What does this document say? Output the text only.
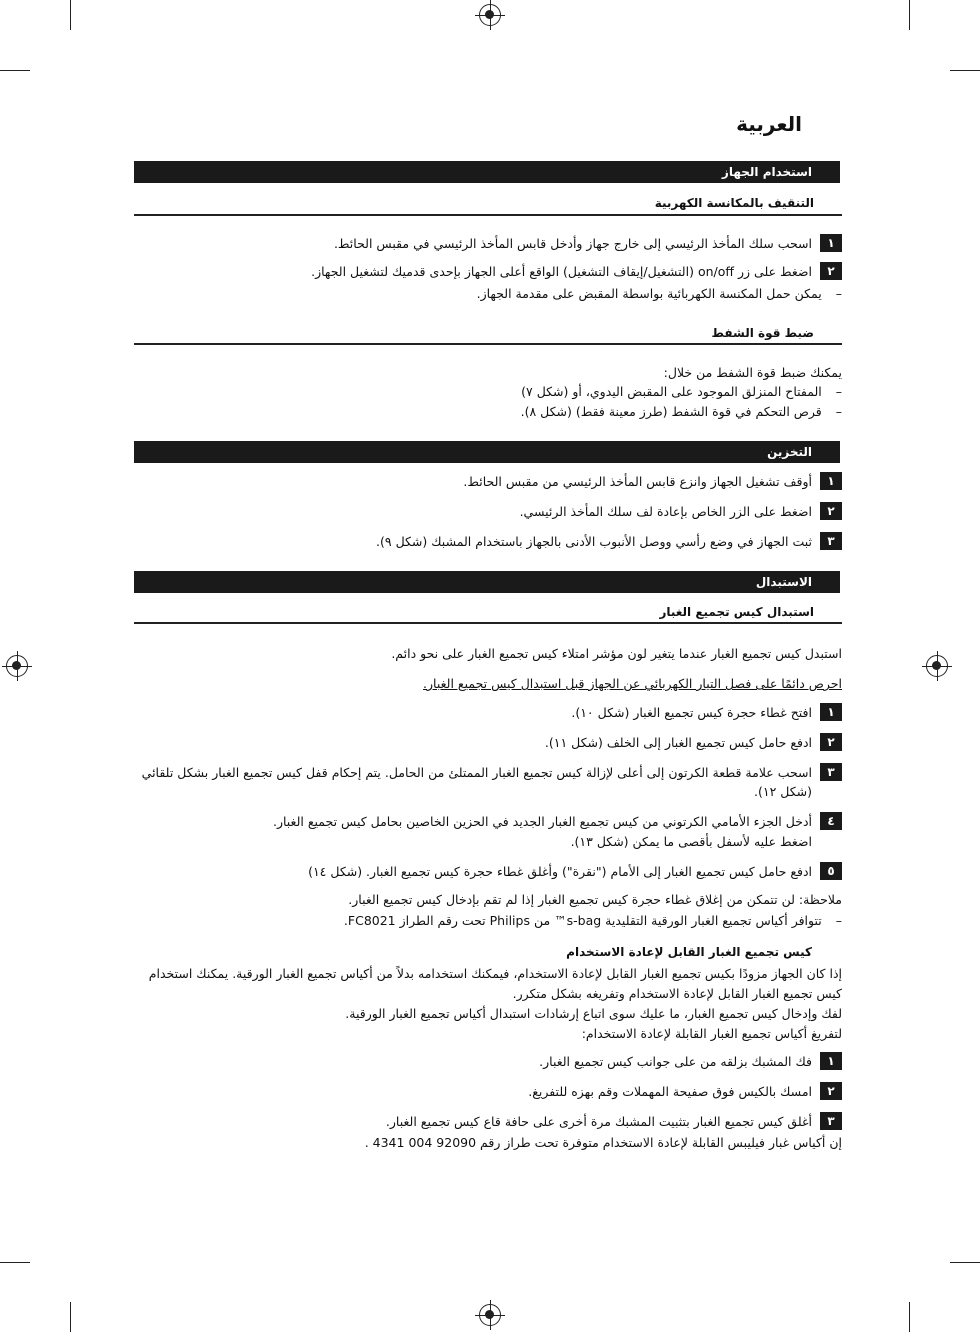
العربية
استخدام الجهاز
التنقيف بالمكانسة الكهربية
١
اسحب سلك المأخذ الرئيسي إلى خارج جهاز وأدخل قابس المأخذ الرئيسي في مقبس الحائط.
٢
اضغط على زر on/off (التشغيل/إيقاف التشغيل) الواقع أعلى الجهاز بإحدى قدميك لتشغيل الجهاز.
–
يمكن حمل المكنسة الكهربائية بواسطة المقبض على مقدمة الجهاز.
ضبط قوة الشفط
يمكنك ضبط قوة الشفط من خلال:
–
المفتاح المنزلق الموجود على المقبض اليدوي، أو (شكل ٧)
–
قرص التحكم في قوة الشفط (طرز معينة فقط) (شكل ٨).
التخزين
١
أوقف تشغيل الجهاز وانزع قابس المأخذ الرئيسي من مقبس الحائط.
٢
اضغط على الزر الخاص بإعادة لف سلك المأخذ الرئيسي.
٣
ثبت الجهاز في وضع رأسي ووصل الأنبوب الأدنى بالجهاز باستخدام المشبك (شكل ٩).
الاستبدال
استبدال كيس تجميع الغبار
استبدل كيس تجميع الغبار عندما يتغير لون مؤشر امتلاء كيس تجميع الغبار على نحو دائم.
احرص دائمًا على فصل التيار الكهربائي عن الجهاز قبل استبدال كيس تجميع الغبار.
١
افتح غطاء حجرة كيس تجميع الغبار (شكل ١٠).
٢
ادفع حامل كيس تجميع الغبار إلى الخلف (شكل ١١).
٣
اسحب علامة قطعة الكرتون إلى أعلى لإزالة كيس تجميع الغبار الممتلئ من الحامل. يتم إحكام قفل كيس تجميع الغبار بشكل تلقائي
(شكل ١٢).
٤
أدخل الجزء الأمامي الكرتوني من كيس تجميع الغبار الجديد في الحزين الخاصين بحامل كيس تجميع الغبار.
اضغط عليه لأسفل بأقصى ما يمكن (شكل ١٣).
٥
ادفع حامل كيس تجميع الغبار إلى الأمام ("نقرة") وأغلق غطاء حجرة كيس تجميع الغبار. (شكل ١٤)
ملاحظة: لن تتمكن من إغلاق غطاء حجرة كيس تجميع الغبار إذا لم تقم بإدخال كيس تجميع الغبار.
–
تتوافر أكياس تجميع الغبار الورقية التقليدية s-bag™ من Philips تحت رقم الطراز FC8021.
كيس تجميع الغبار القابل لإعادة الاستخدام
إذا كان الجهاز مزودًا بكيس تجميع الغبار القابل لإعادة الاستخدام، فيمكنك استخدامه بدلاً من أكياس تجميع الغبار الورقية. يمكنك استخدام
كيس تجميع الغبار القابل لإعادة الاستخدام وتفريغه بشكل متكرر.
لفك وإدخال كيس تجميع الغبار، ما عليك سوى اتباع إرشادات استبدال أكياس تجميع الغبار الورقية.
لتفريغ أكياس تجميع الغبار القابلة لإعادة الاستخدام:
١
فك المشبك بزلقه من على جوانب كيس تجميع الغبار.
٢
امسك بالكيس فوق صفيحة المهملات وقم بهزه للتفريغ.
٣
أغلق كيس تجميع الغبار بتثبيت المشبك مرة أخرى على حافة قاع كيس تجميع الغبار.
إن أكياس غبار فيليبس القابلة لإعادة الاستخدام متوفرة تحت طراز رقم 92090 004 4341 .
